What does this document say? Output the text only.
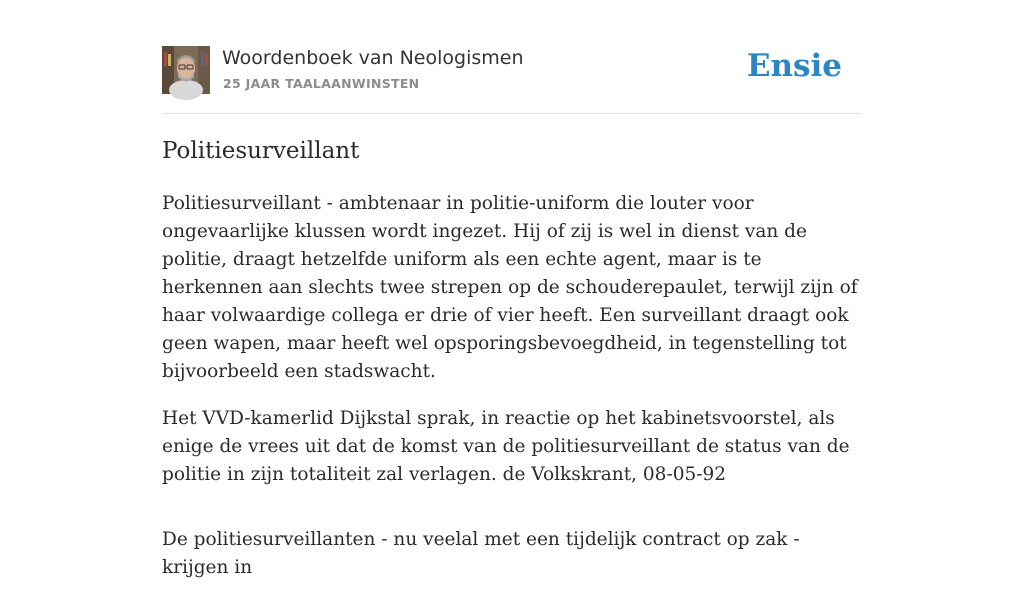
Woordenboek van Neologismen
25 JAAR TAALAANWINSTEN	Ensie
Politiesurveillant

Politiesurveillant - ambtenaar in politie-uniform die louter voor ongevaarlijke klussen wordt ingezet. Hij of zij is wel in dienst van de politie, draagt hetzelfde uniform als een echte agent, maar is te herkennen aan slechts twee strepen op de schouderepaulet, terwijl zijn of haar volwaardige collega er drie of vier heeft. Een surveillant draagt ook geen wapen, maar heeft wel opsporingsbevoegdheid, in tegenstelling tot bijvoorbeeld een stadswacht.

Het VVD-kamerlid Dijkstal sprak, in reactie op het kabinetsvoorstel, als enige de vrees uit dat de komst van de politiesurveillant de status van de politie in zijn totaliteit zal verlagen. de Volkskrant, 08-05-92

De politiesurveillanten - nu veelal met een tijdelijk contract op zak - krijgen in
